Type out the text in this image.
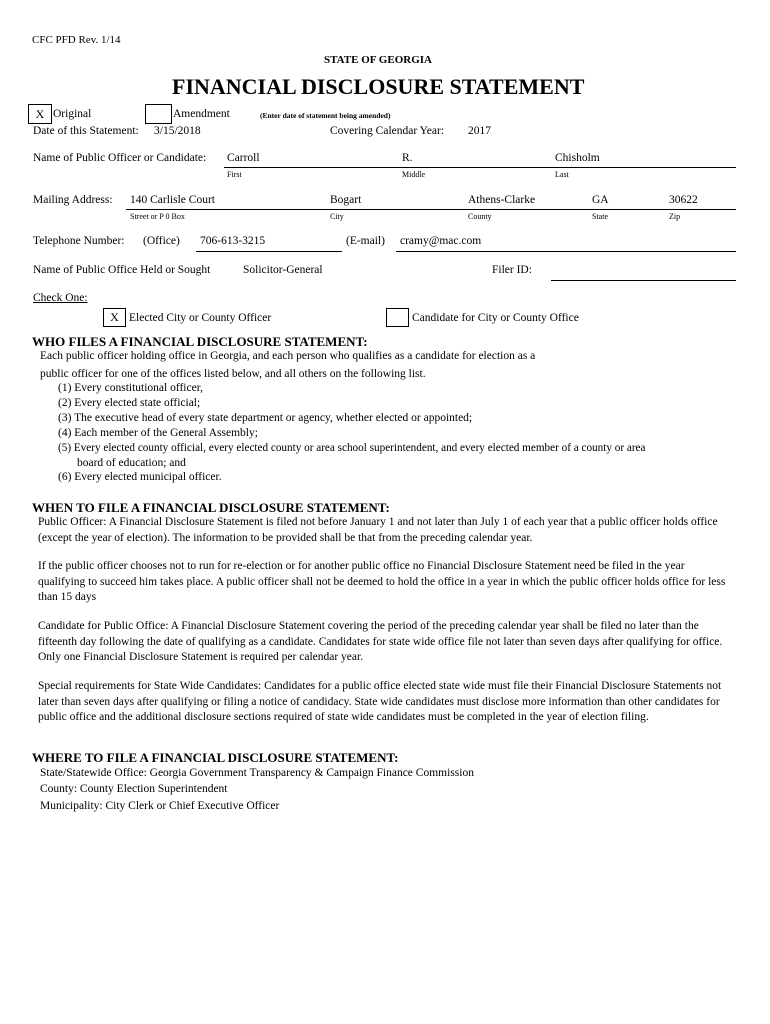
CFC PFD Rev. 1/14
STATE OF GEORGIA
FINANCIAL DISCLOSURE STATEMENT
X Original	Amendment	(Enter date of statement being amended)
Date of this Statement: 3/15/2018	Covering Calendar Year: 2017
Name of Public Officer or Candidate: Carroll	R.	Chisholm
First	Middle	Last
Mailing Address: 140 Carlisle Court	Bogart	Athens-Clarke	GA	30622
Street or P 0 Box	City	County	State	Zip
Telephone Number: (Office) 706-613-3215	(E-mail) cramy@mac.com
Name of Public Office Held or Sought	Solicitor-General	Filer ID:
Check One:
X Elected City or County Officer	Candidate for City or County Office
WHO FILES A FINANCIAL DISCLOSURE STATEMENT:
Each public officer holding office in Georgia, and each person who qualifies as a candidate for election as a
public officer for one of the offices listed below, and all others on the following list.
(1) Every constitutional officer,
(2) Every elected state official;
(3) The executive head of every state department or agency, whether elected or appointed;
(4) Each member of the General Assembly;
(5) Every elected county official, every elected county or area school superintendent, and every elected member of a county or area
board of education; and
(6) Every elected municipal officer.
WHEN TO FILE A FINANCIAL DISCLOSURE STATEMENT:
Public Officer: A Financial Disclosure Statement is filed not before January 1 and not later than July 1 of each year that a public officer holds office (except the year of election). The information to be provided shall be that from the preceding calendar year.
If the public officer chooses not to run for re-election or for another public office no Financial Disclosure Statement need be filed in the year qualifying to succeed him takes place. A public officer shall not be deemed to hold the office in a year in which the public officer holds office for less than 15 days
Candidate for Public Office: A Financial Disclosure Statement covering the period of the preceding calendar year shall be filed no later than the fifteenth day following the date of qualifying as a candidate. Candidates for state wide office file not later than seven days after qualifying for office. Only one Financial Disclosure Statement is required per calendar year.
Special requirements for State Wide Candidates: Candidates for a public office elected state wide must file their Financial Disclosure Statements not later than seven days after qualifying or filing a notice of candidacy. State wide candidates must disclose more information than other candidates for public office and the additional disclosure sections required of state wide candidates must be completed in the year of election filing.
WHERE TO FILE A FINANCIAL DISCLOSURE STATEMENT:
State/Statewide Office: Georgia Government Transparency & Campaign Finance Commission
County: County Election Superintendent
Municipality: City Clerk or Chief Executive Officer
